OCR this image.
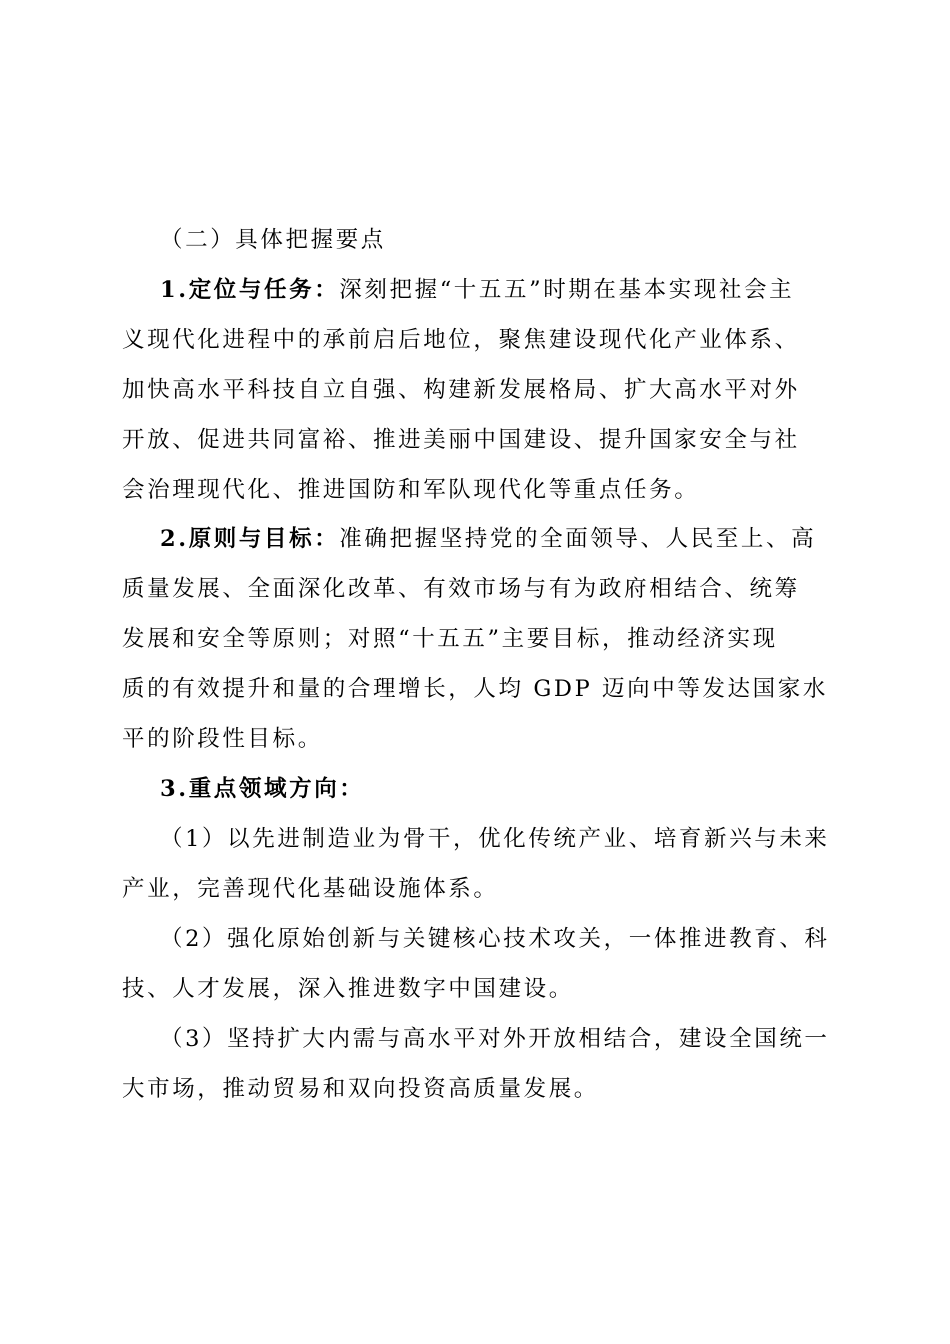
（二）具体把握要点
1.定位与任务：深刻把握“十五五”时期在基本实现社会主
义现代化进程中的承前启后地位，聚焦建设现代化产业体系、
加快高水平科技自立自强、构建新发展格局、扩大高水平对外
开放、促进共同富裕、推进美丽中国建设、提升国家安全与社
会治理现代化、推进国防和军队现代化等重点任务。
2.原则与目标：准确把握坚持党的全面领导、人民至上、高
质量发展、全面深化改革、有效市场与有为政府相结合、统筹
发展和安全等原则；对照“十五五”主要目标，推动经济实现
质的有效提升和量的合理增长，人均 GDP 迈向中等发达国家水
平的阶段性目标。
3.重点领域方向：
（1）以先进制造业为骨干，优化传统产业、培育新兴与未来
产业，完善现代化基础设施体系。
（2）强化原始创新与关键核心技术攻关，一体推进教育、科
技、人才发展，深入推进数字中国建设。
（3）坚持扩大内需与高水平对外开放相结合，建设全国统一
大市场，推动贸易和双向投资高质量发展。
